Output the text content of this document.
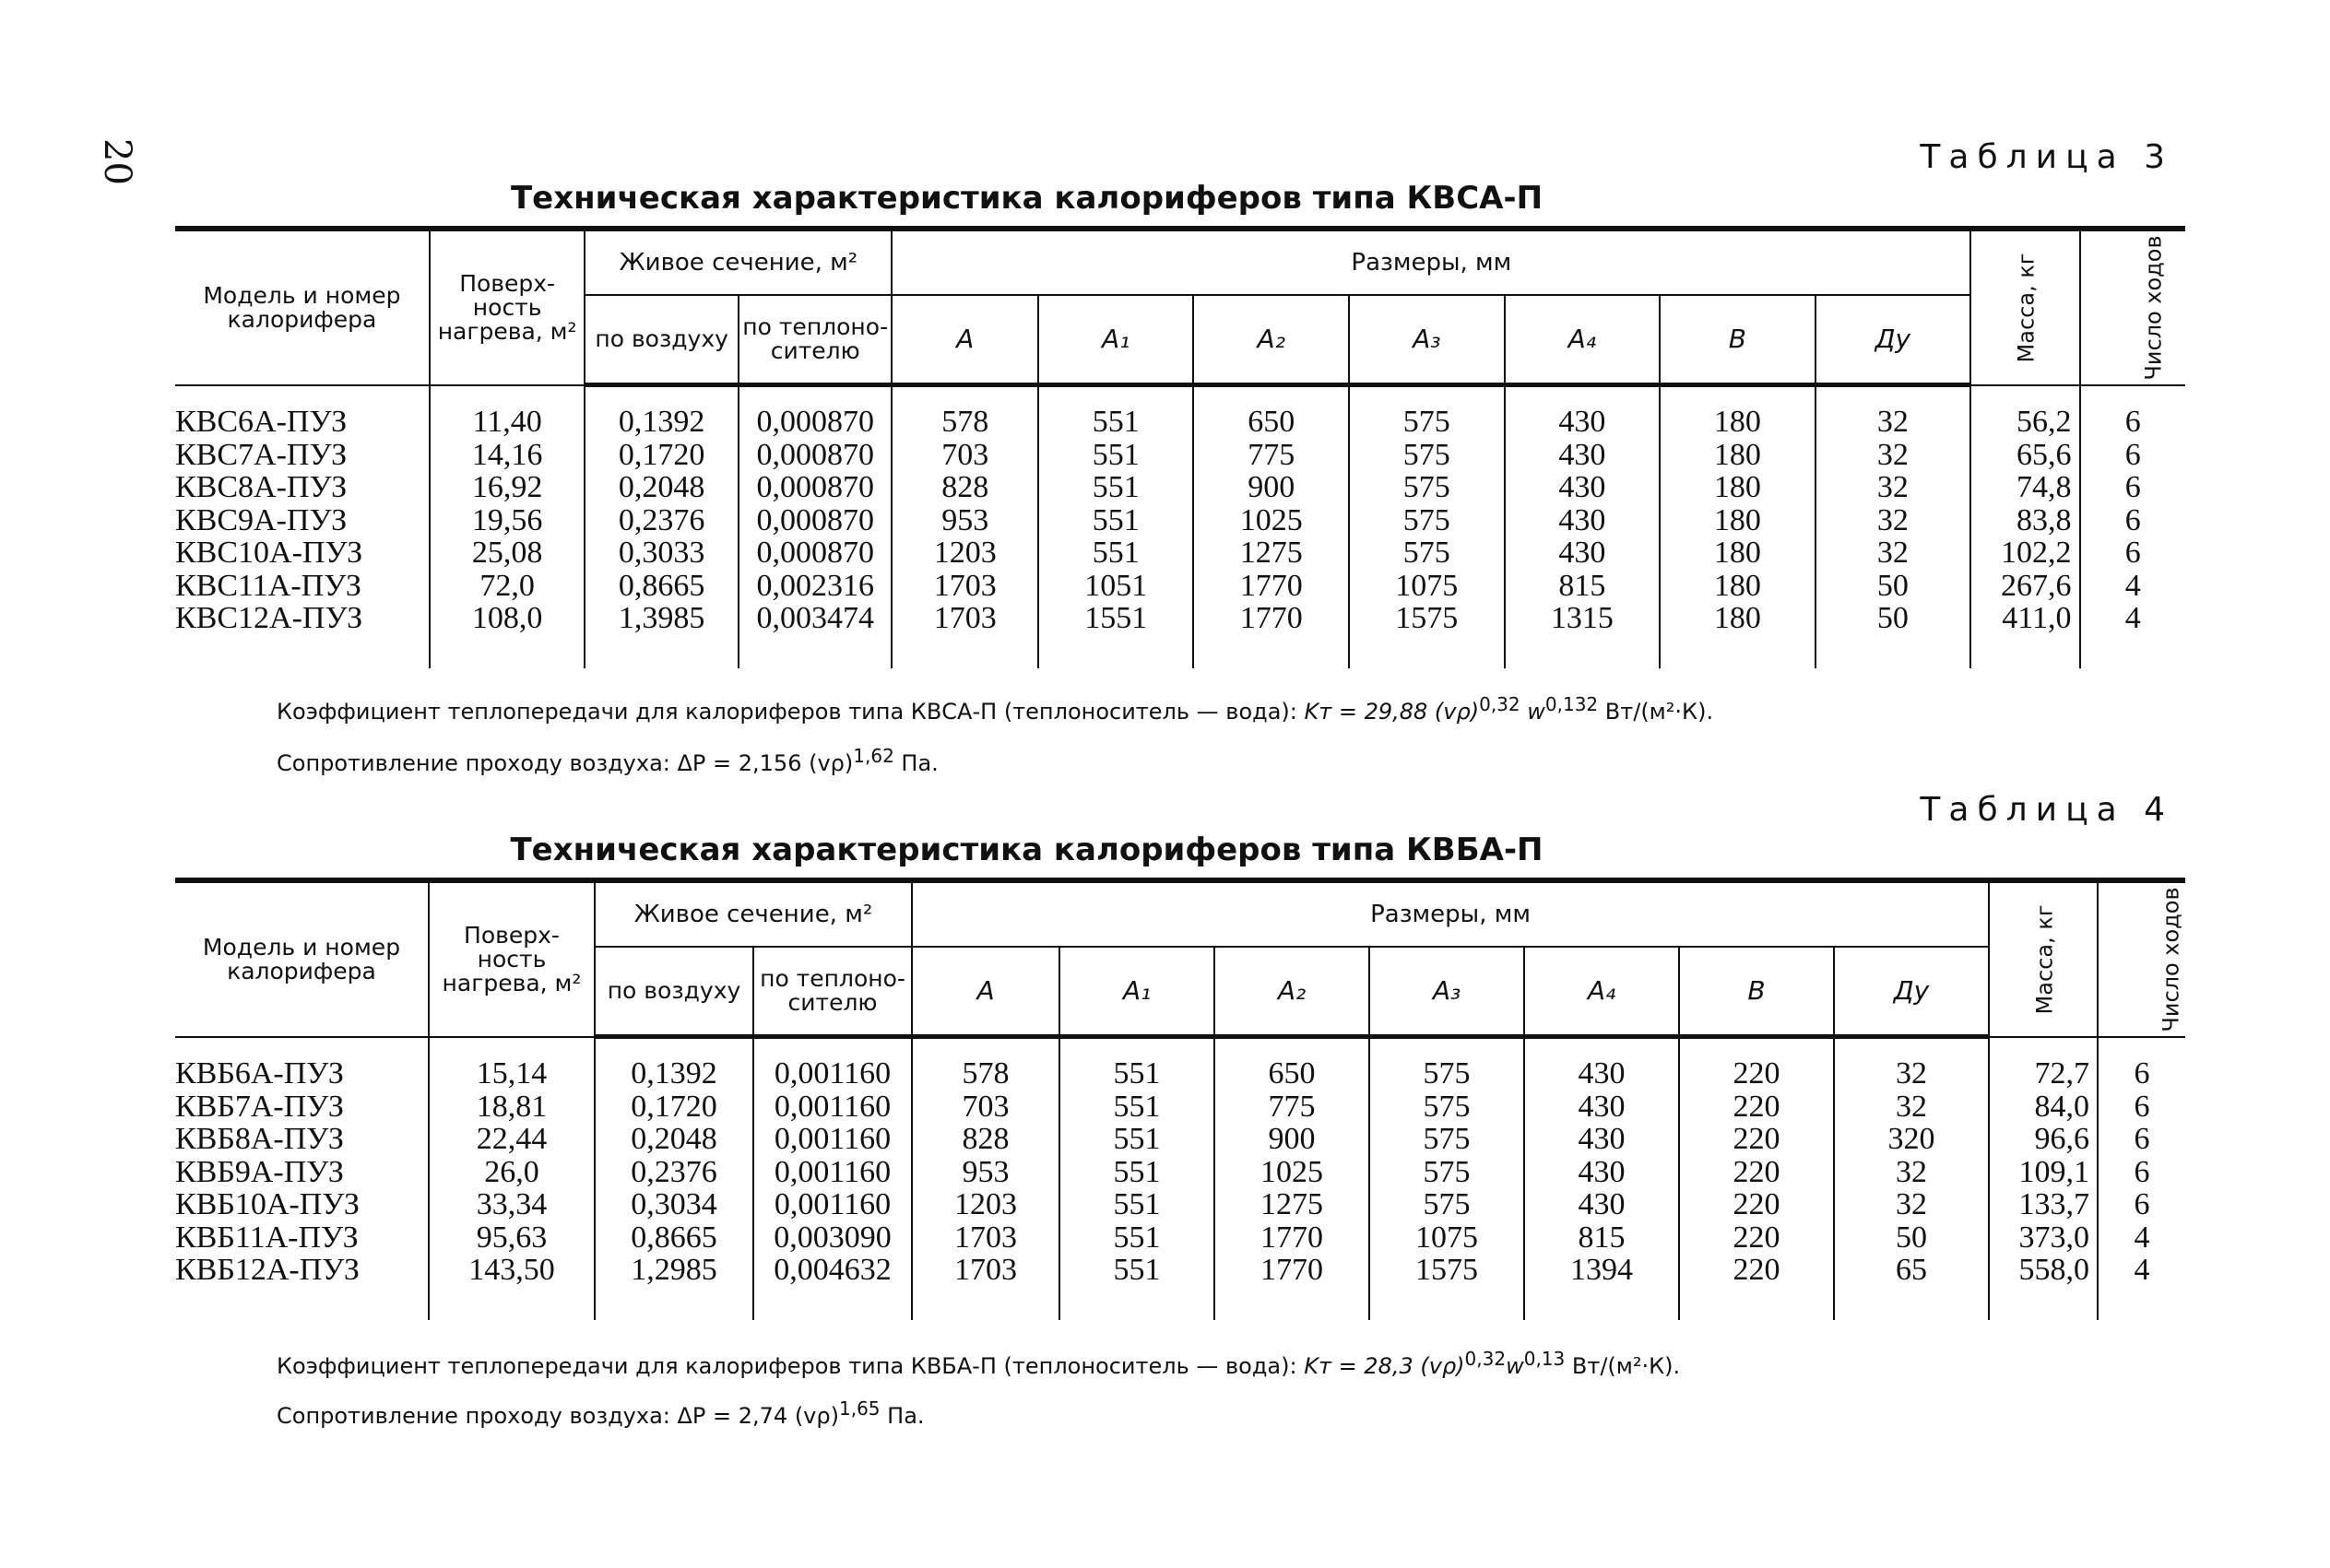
20	Таблица 3
Техническая характеристика калориферов типа КВСА-П
Модель и номер калорифера	Поверх-ность нагрева, м²	Живое сечение, м²		Размеры, мм							Масса, кг	Число ходов
		по воздуху	по теплоно-сителю	A	A₁	A₂	A₃	A₄	B	Ду		

КВС6А-ПУЗ	11,40	0,1392	0,000870	578	551	650	575	430	180	32	56,2	6
КВС7А-ПУЗ	14,16	0,1720	0,000870	703	551	775	575	430	180	32	65,6	6
КВС8А-ПУЗ	16,92	0,2048	0,000870	828	551	900	575	430	180	32	74,8	6
КВС9А-ПУЗ	19,56	0,2376	0,000870	953	551	1025	575	430	180	32	83,8	6
КВС10А-ПУЗ	25,08	0,3033	0,000870	1203	551	1275	575	430	180	32	102,2	6
КВС11А-ПУЗ	72,0	0,8665	0,002316	1703	1051	1770	1075	815	180	50	267,6	4
КВС12А-ПУЗ	108,0	1,3985	0,003474	1703	1551	1770	1575	1315	180	50	411,0	4

Коэффициент теплопередачи для калориферов типа КВСА-П (теплоноситель — вода): Kт = 29,88 $(v\rho)^{0,32}$ $w^{0,132}$ Вт/(м²·К).
Сопротивление проходу воздуха: ΔP = 2,156 $(v\rho)^{1,62}$ Па.
Таблица 4
Техническая характеристика калориферов типа КВБА-П
Модель и номер калорифера	Поверх-ность нагрева, м²	Живое сечение, м²		Размеры, мм							Масса, кг	Число ходов
		по воздуху	по теплоно-сителю	A	A₁	A₂	A₃	A₄	B	Ду		

КВБ6А-ПУЗ	15,14	0,1392	0,001160	578	551	650	575	430	220	32	72,7	6
КВБ7А-ПУЗ	18,81	0,1720	0,001160	703	551	775	575	430	220	32	84,0	6
КВБ8А-ПУЗ	22,44	0,2048	0,001160	828	551	900	575	430	220	320	96,6	6
КВБ9А-ПУЗ	26,0	0,2376	0,001160	953	551	1025	575	430	220	32	109,1	6
КВБ10А-ПУЗ	33,34	0,3034	0,001160	1203	551	1275	575	430	220	32	133,7	6
КВБ11А-ПУЗ	95,63	0,8665	0,003090	1703	551	1770	1075	815	220	50	373,0	4
КВБ12А-ПУЗ	143,50	1,2985	0,004632	1703	551	1770	1575	1394	220	65	558,0	4

Коэффициент теплопередачи для калориферов типа КВБА-П (теплоноситель — вода): Kт = 28,3 $(v\rho)^{0,32}w^{0,13}$ Вт/(м²·К).
Сопротивление проходу воздуха: ΔP = 2,74 $(v\rho)^{1,65}$ Па.
